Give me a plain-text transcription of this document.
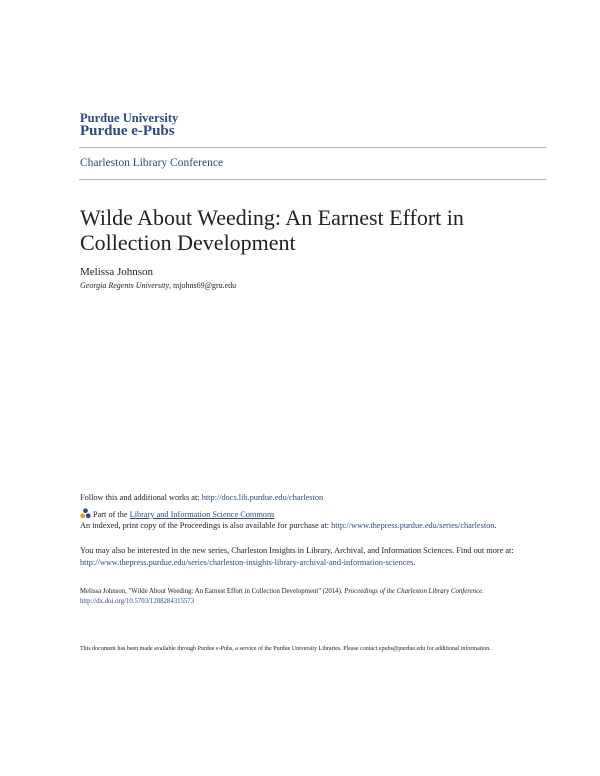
Purdue University
Purdue e-Pubs
Charleston Library Conference
Wilde About Weeding: An Earnest Effort in Collection Development
Melissa Johnson
Georgia Regents University, mjohns69@gru.edu
Follow this and additional works at: http://docs.lib.purdue.edu/charleston
Part of the Library and Information Science Commons
An indexed, print copy of the Proceedings is also available for purchase at: http://www.thepress.purdue.edu/series/charleston.
You may also be interested in the new series, Charleston Insights in Library, Archival, and Information Sciences. Find out more at: http://www.thepress.purdue.edu/series/charleston-insights-library-archival-and-information-sciences.
Melissa Johnson, "Wilde About Weeding: An Earnest Effort in Collection Development" (2014). Proceedings of the Charleston Library Conference.
http://dx.doi.org/10.5703/1288284315573
This document has been made available through Purdue e-Pubs, a service of the Purdue University Libraries. Please contact epubs@purdue.edu for additional information.
